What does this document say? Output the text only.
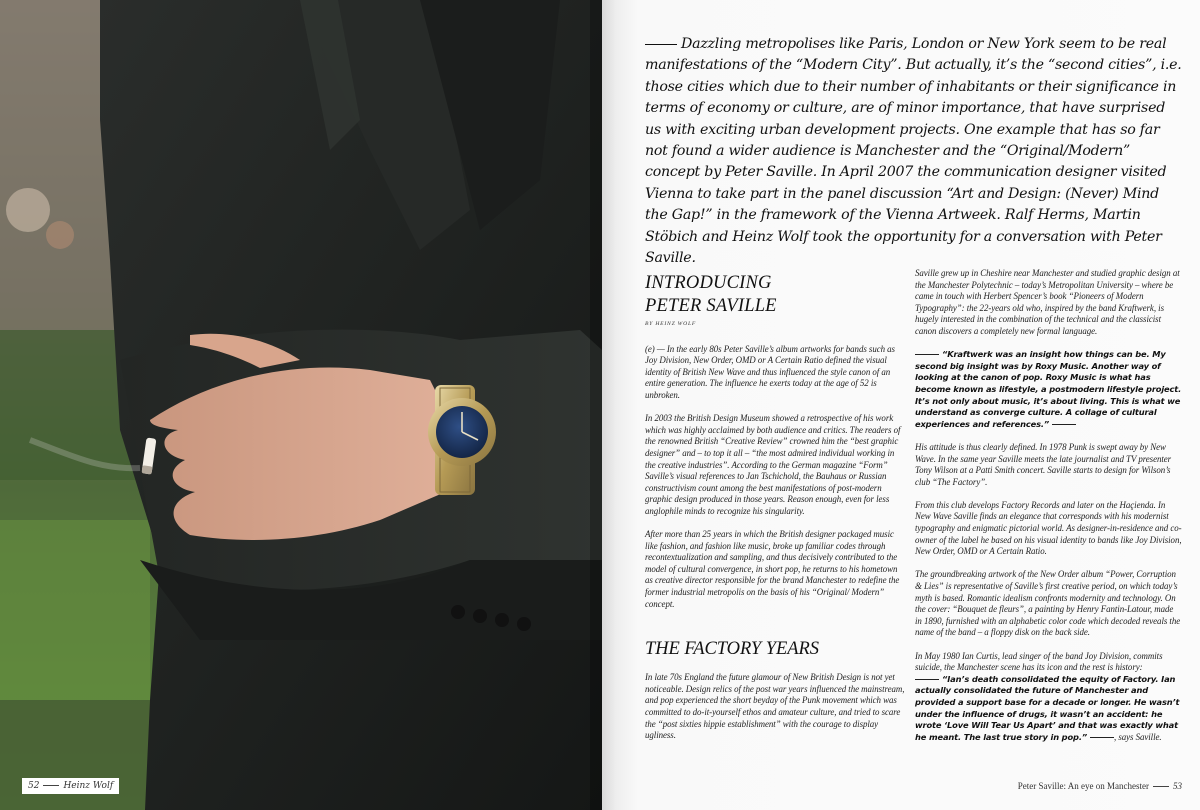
52	Heinz Wolf
Dazzling metropolises like Paris, London or New York seem to be real manifestations of the “Modern City”. But actually, it’s the “second cities”, i.e. those cities which due to their number of inhabitants or their significance in terms of economy or culture, are of minor importance, that have surprised us with exciting urban development projects. One example that has so far not found a wider audience is Manchester and the “Original/Modern” concept by Peter Saville. In April 2007 the communication designer visited Vienna to take part in the panel discussion “Art and Design: (Never) Mind the Gap!” in the framework of the Vienna Artweek. Ralf Herms, Martin Stöbich and Heinz Wolf took the opportunity for a conversation with Peter Saville.
INTRODUCING
PETER SAVILLE
BY HEINZ WOLF

(e) — In the early 80s Peter Saville’s album artworks for bands such as Joy Division, New Order, OMD or A Certain Ratio defined the visual identity of British New Wave and thus influenced the style canon of an entire generation. The influence he exerts today at the age of 52 is unbroken.

In 2003 the British Design Museum showed a retrospective of his work which was highly acclaimed by both audience and critics. The readers of the renowned British “Creative Review” crowned him the “best graphic designer” and – to top it all – “the most admired individual working in the creative industries”. According to the German magazine “Form” Saville’s visual references to Jan Tschichold, the Bauhaus or Russian constructivism count among the best manifestations of post-modern graphic design produced in those years. Reason enough, even for less anglophile minds to recognize his singularity.

After more than 25 years in which the British designer packaged music like fashion, and fashion like music, broke up familiar codes through recontextualization and sampling, and thus decisively contributed to the model of cultural convergence, in short pop, he returns to his hometown as creative director responsible for the brand Manchester to redefine the former industrial metropolis on the basis of his “Original/ Modern” concept.

THE FACTORY YEARS

In late 70s England the future glamour of New British Design is not yet noticeable. Design relics of the post war years influenced the mainstream, and pop experienced the short beyday of the Punk movement which was committed to do-it-yourself ethos and amateur culture, and tried to scare the “post sixties hippie establishment” with the courage to display ugliness.

Saville grew up in Cheshire near Manchester and studied graphic design at the Manchester Polytechnic – today’s Metropolitan University – where be came in touch with Herbert Spencer’s book “Pioneers of Modern Typography”: the 22-years old who, inspired by the band Kraftwerk, is hugely interested in the combination of the technical and the classicist canon discovers a completely new formal language.

“Kraftwerk was an insight how things can be. My second big insight was by Roxy Music. Another way of looking at the canon of pop. Roxy Music is what has become known as lifestyle, a postmodern lifestyle project. It’s not only about music, it’s about living. This is what we understand as converge culture. A collage of cultural experiences and references.”

His attitude is thus clearly defined. In 1978 Punk is swept away by New Wave. In the same year Saville meets the late journalist and TV presenter Tony Wilson at a Patti Smith concert. Saville starts to design for Wilson’s club “The Factory”.

From this club develops Factory Records and later on the Haçienda. In New Wave Saville finds an elegance that corresponds with his modernist typography and enigmatic pictorial world. As designer-in-residence and co-owner of the label he based on his visual identity to bands like Joy Division, New Order, OMD or A Certain Ratio.

The groundbreaking artwork of the New Order album “Power, Corruption & Lies” is representative of Saville’s first creative period, on which today’s myth is based. Romantic idealism confronts modernity and technology. On the cover: “Bouquet de fleurs”, a painting by Henry Fantin-Latour, made in 1890, furnished with an alphabetic color code which decoded reveals the name of the band – a floppy disk on the back side.

In May 1980 Ian Curtis, lead singer of the band Joy Division, commits suicide, the Manchester scene has its icon and the rest is history:
“Ian’s death consolidated the equity of Factory. Ian actually consolidated the future of Manchester and provided a support base for a decade or longer. He wasn’t under the influence of drugs, it wasn’t an accident: he wrote ‘Love Will Tear Us Apart’ and that was exactly what he meant. The last true story in pop.”	, says Saville.

Peter Saville: An eye on Manchester	53
